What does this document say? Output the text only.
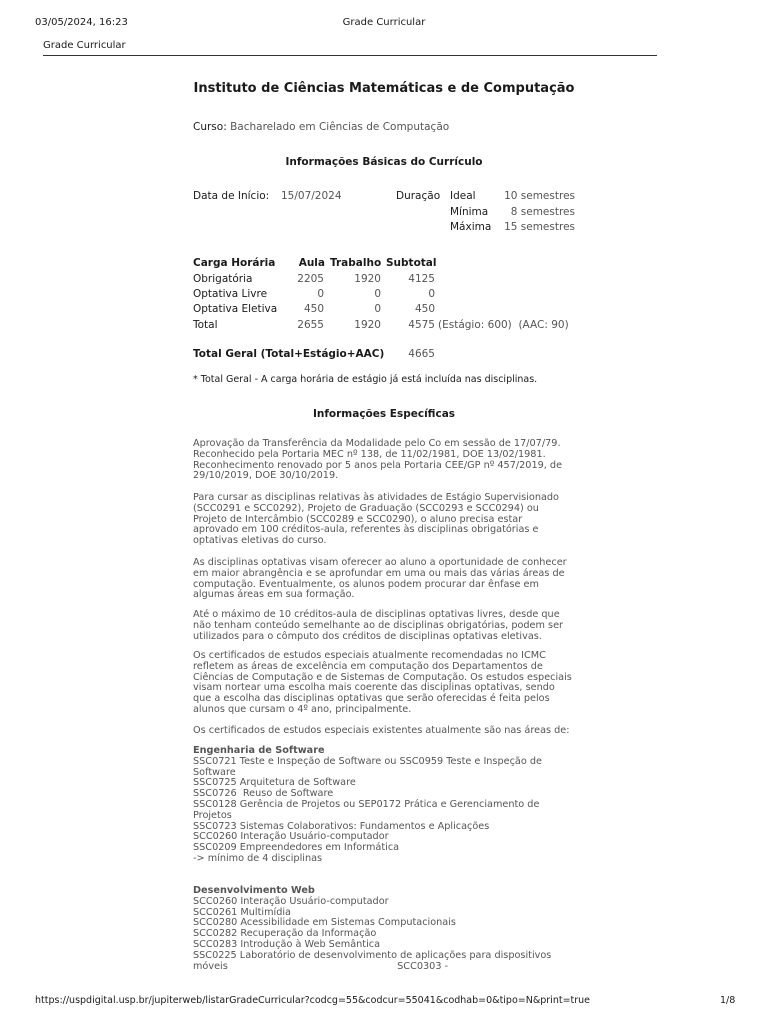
03/05/2024, 16:23	Grade Curricular
Grade Curricular
Instituto de Ciências Matemáticas e de Computação
Curso: Bacharelado em Ciências de Computação
Informações Básicas do Currículo
Data de Início: 15/07/2024	Duração Ideal	10 semestres
Mínima	8 semestres
Máxima	15 semestres
Carga Horária	Aula Trabalho Subtotal
Obrigatória	2205	1920	4125
Optativa Livre	0	0	0
Optativa Eletiva	450	0	450
Total	2655	1920	4575 (Estágio: 600)  (AAC: 90)
Total Geral (Total+Estágio+AAC)	4665
* Total Geral - A carga horária de estágio já está incluída nas disciplinas.
Informações Específicas

Aprovação da Transferência da Modalidade pelo Co em sessão de 17/07/79.
Reconhecido pela Portaria MEC nº 138, de 11/02/1981, DOE 13/02/1981.
Reconhecimento renovado por 5 anos pela Portaria CEE/GP nº 457/2019, de
29/10/2019, DOE 30/10/2019.

Para cursar as disciplinas relativas às atividades de Estágio Supervisionado
(SCC0291 e SCC0292), Projeto de Graduação (SCC0293 e SCC0294) ou
Projeto de Intercâmbio (SCC0289 e SCC0290), o aluno precisa estar
aprovado em 100 créditos-aula, referentes às disciplinas obrigatórias e
optativas eletivas do curso.

As disciplinas optativas visam oferecer ao aluno a oportunidade de conhecer
em maior abrangência e se aprofundar em uma ou mais das várias áreas de
computação. Eventualmente, os alunos podem procurar dar ênfase em
algumas áreas em sua formação.

Até o máximo de 10 créditos-aula de disciplinas optativas livres, desde que
não tenham conteúdo semelhante ao de disciplinas obrigatórias, podem ser
utilizados para o cômputo dos créditos de disciplinas optativas eletivas.

Os certificados de estudos especiais atualmente recomendadas no ICMC
refletem as áreas de excelência em computação dos Departamentos de
Ciências de Computação e de Sistemas de Computação. Os estudos especiais
visam nortear uma escolha mais coerente das disciplinas optativas, sendo
que a escolha das disciplinas optativas que serão oferecidas é feita pelos
alunos que cursam o 4º ano, principalmente.

Os certificados de estudos especiais existentes atualmente são nas áreas de:

Engenharia de Software
SSC0721 Teste e Inspeção de Software ou SSC0959 Teste e Inspeção de
Software
SSC0725 Arquitetura de Software
SSC0726  Reuso de Software
SSC0128 Gerência de Projetos ou SEP0172 Prática e Gerenciamento de
Projetos
SSC0723 Sistemas Colaborativos: Fundamentos e Aplicações
SCC0260 Interação Usuário-computador
SSC0209 Empreendedores em Informática
-> mínimo de 4 disciplinas
Desenvolvimento Web
SCC0260 Interação Usuário-computador
SCC0261 Multimídia
SCC0280 Acessibilidade em Sistemas Computacionais
SCC0282 Recuperação da Informação
SCC0283 Introdução à Web Semântica
SSC0225 Laboratório de desenvolvimento de aplicações para dispositivos
móveis                                                       SCC0303 -
https://uspdigital.usp.br/jupiterweb/listarGradeCurricular?codcg=55&codcur=55041&codhab=0&tipo=N&print=true	1/8
